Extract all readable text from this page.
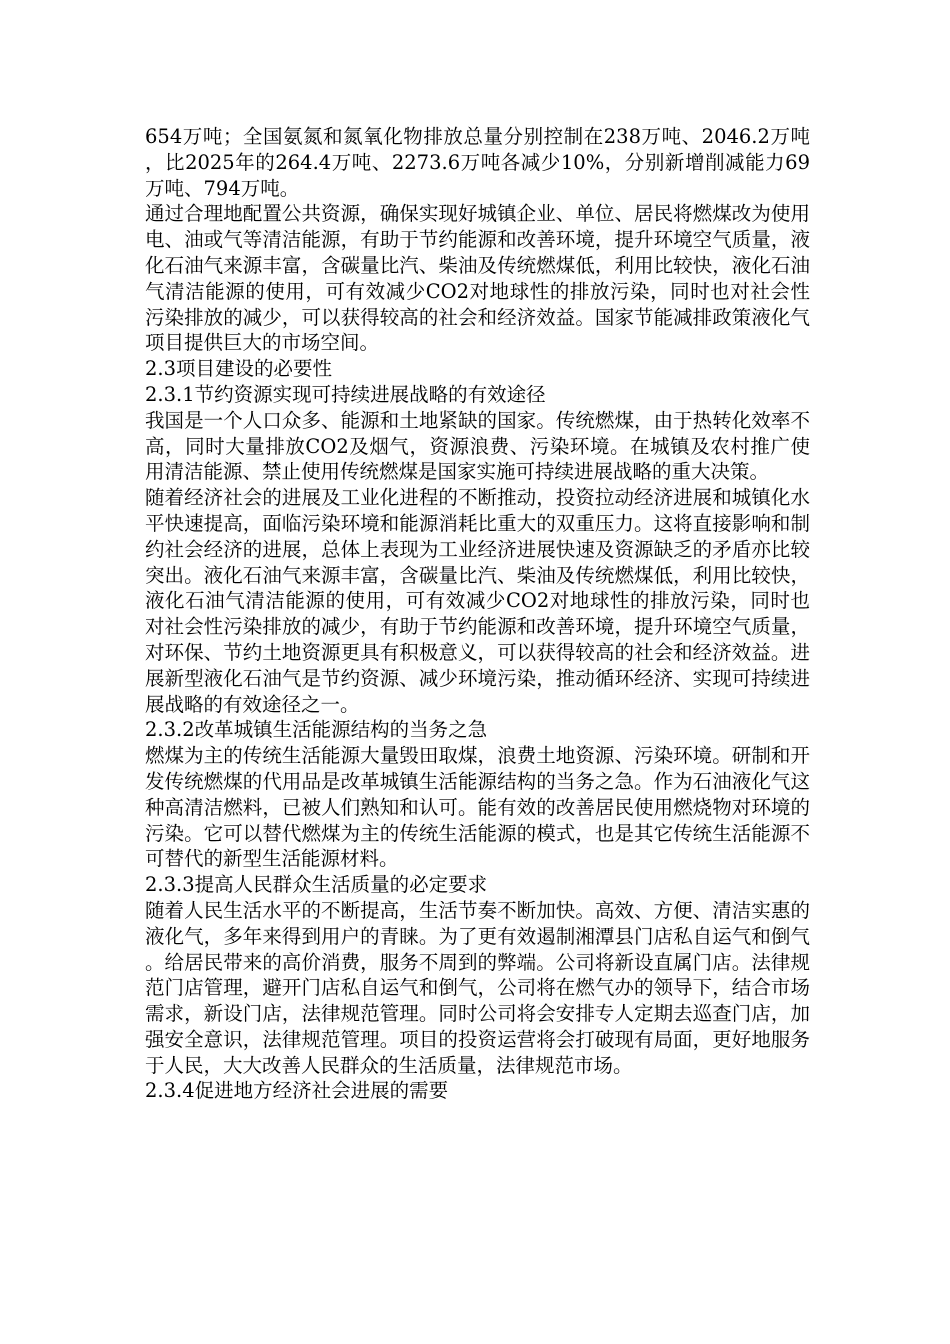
654万吨；全国氨氮和氮氧化物排放总量分别控制在238万吨、2046.2万吨，比2025年的264.4万吨、2273.6万吨各减少10%，分别新增削减能力69万吨、794万吨。

通过合理地配置公共资源，确保实现好城镇企业、单位、居民将燃煤改为使用电、油或气等清洁能源，有助于节约能源和改善环境，提升环境空气质量，液化石油气来源丰富，含碳量比汽、柴油及传统燃煤低，利用比较快，液化石油气清洁能源的使用，可有效减少CO2对地球性的排放污染，同时也对社会性污染排放的减少，可以获得较高的社会和经济效益。国家节能减排政策液化气项目提供巨大的市场空间。

2.3项目建设的必要性
2.3.1节约资源实现可持续进展战略的有效途径

我国是一个人口众多、能源和土地紧缺的国家。传统燃煤，由于热转化效率不高，同时大量排放CO2及烟气，资源浪费、污染环境。在城镇及农村推广使用清洁能源、禁止使用传统燃煤是国家实施可持续进展战略的重大决策。

随着经济社会的进展及工业化进程的不断推动，投资拉动经济进展和城镇化水平快速提高，面临污染环境和能源消耗比重大的双重压力。这将直接影响和制约社会经济的进展，总体上表现为工业经济进展快速及资源缺乏的矛盾亦比较突出。液化石油气来源丰富，含碳量比汽、柴油及传统燃煤低，利用比较快，液化石油气清洁能源的使用，可有效减少CO2对地球性的排放污染，同时也对社会性污染排放的减少，有助于节约能源和改善环境，提升环境空气质量，对环保、节约土地资源更具有积极意义，可以获得较高的社会和经济效益。进展新型液化石油气是节约资源、减少环境污染，推动循环经济、实现可持续进展战略的有效途径之一。

2.3.2改革城镇生活能源结构的当务之急

燃煤为主的传统生活能源大量毁田取煤，浪费土地资源、污染环境。研制和开发传统燃煤的代用品是改革城镇生活能源结构的当务之急。作为石油液化气这种高清洁燃料，已被人们熟知和认可。能有效的改善居民使用燃烧物对环境的污染。它可以替代燃煤为主的传统生活能源的模式，也是其它传统生活能源不可替代的新型生活能源材料。

2.3.3提高人民群众生活质量的必定要求

随着人民生活水平的不断提高，生活节奏不断加快。高效、方便、清洁实惠的液化气，多年来得到用户的青睐。为了更有效遏制湘潭县门店私自运气和倒气。给居民带来的高价消费，服务不周到的弊端。公司将新设直属门店。法律规范门店管理，避开门店私自运气和倒气，公司将在燃气办的领导下，结合市场需求，新设门店，法律规范管理。同时公司将会安排专人定期去巡查门店，加强安全意识，法律规范管理。项目的投资运营将会打破现有局面，更好地服务于人民，大大改善人民群众的生活质量，法律规范市场。

2.3.4促进地方经济社会进展的需要
